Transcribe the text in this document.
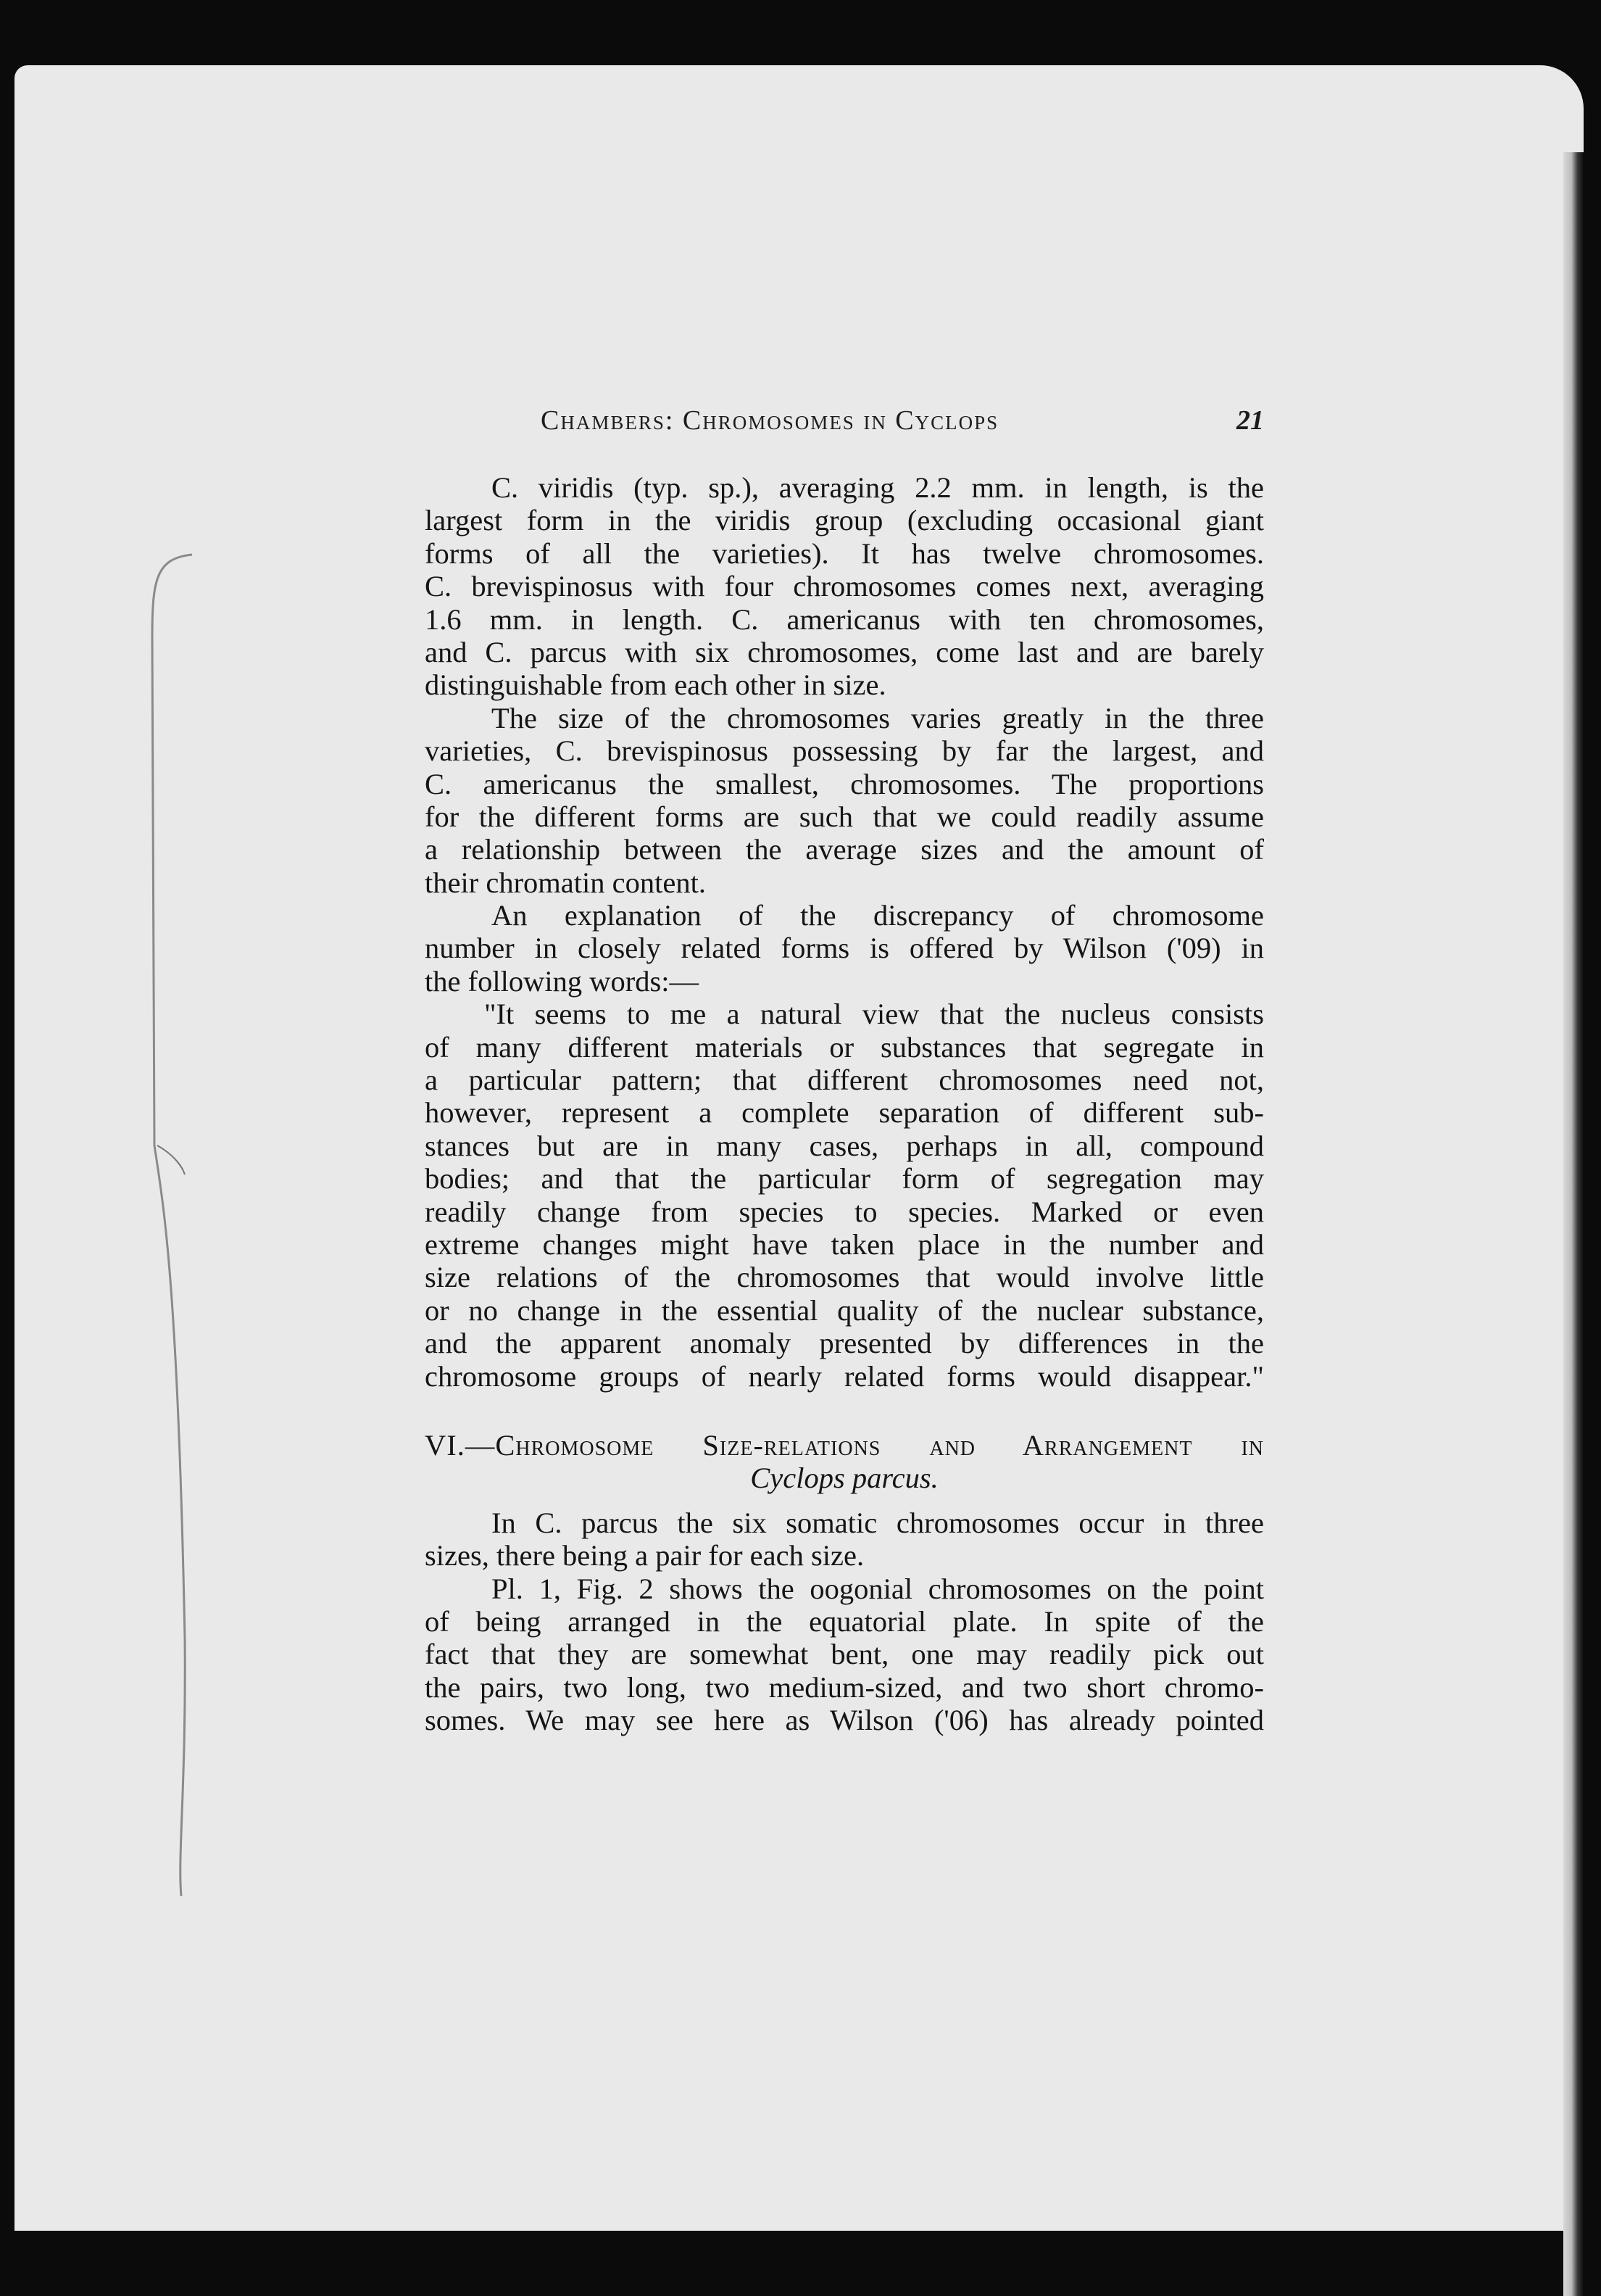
Chambers: Chromosomes in Cyclops	21
C. viridis (typ. sp.), averaging 2.2 mm. in length, is the
largest form in the viridis group (excluding occasional giant
forms of all the varieties). It has twelve chromosomes.
C. brevispinosus with four chromosomes comes next, averaging
1.6 mm. in length. C. americanus with ten chromosomes,
and C. parcus with six chromosomes, come last and are barely
distinguishable from each other in size.
The size of the chromosomes varies greatly in the three
varieties, C. brevispinosus possessing by far the largest, and
C. americanus the smallest, chromosomes. The proportions
for the different forms are such that we could readily assume
a relationship between the average sizes and the amount of
their chromatin content.
An explanation of the discrepancy of chromosome
number in closely related forms is offered by Wilson ('09) in
the following words:—
"It seems to me a natural view that the nucleus consists
of many different materials or substances that segregate in
a particular pattern; that different chromosomes need not,
however, represent a complete separation of different sub-
stances but are in many cases, perhaps in all, compound
bodies; and that the particular form of segregation may
readily change from species to species. Marked or even
extreme changes might have taken place in the number and
size relations of the chromosomes that would involve little
or no change in the essential quality of the nuclear substance,
and the apparent anomaly presented by differences in the
chromosome groups of nearly related forms would disappear."
VI.—Chromosome Size-relations and Arrangement in
Cyclops parcus.
In C. parcus the six somatic chromosomes occur in three
sizes, there being a pair for each size.
Pl. 1, Fig. 2 shows the oogonial chromosomes on the point
of being arranged in the equatorial plate. In spite of the
fact that they are somewhat bent, one may readily pick out
the pairs, two long, two medium-sized, and two short chromo-
somes. We may see here as Wilson ('06) has already pointed
